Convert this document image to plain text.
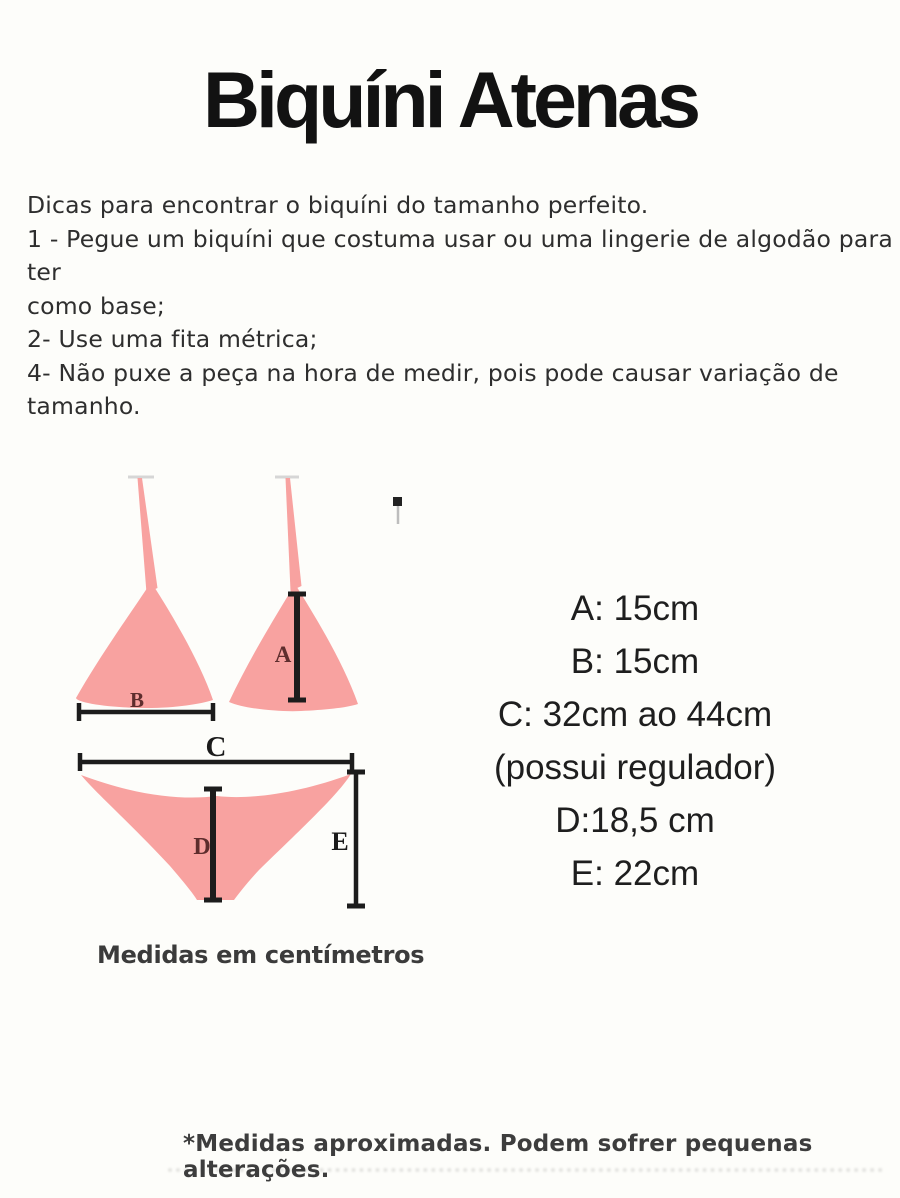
Biquíni Atenas
Dicas para encontrar o biquíni do tamanho perfeito.
1 - Pegue um biquíni que costuma usar ou uma lingerie de algodão para ter
como base;
2- Use uma fita métrica;
4- Não puxe a peça na hora de medir, pois pode causar variação de tamanho.
A
B
C
D	E
Medidas em centímetros
A: 15cm
B: 15cm
C: 32cm ao 44cm
(possui regulador)
D:18,5 cm
E: 22cm
*Medidas aproximadas. Podem sofrer pequenas alterações.
